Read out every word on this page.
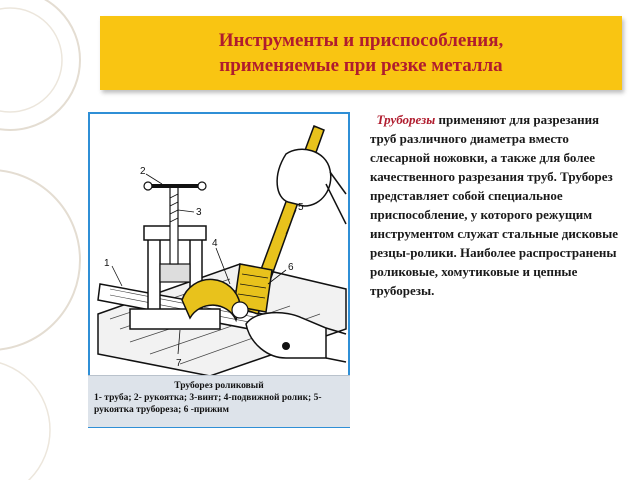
Инструменты и приспособления,
применяемые при резке металла
1
2
3
4
5
6
7
Труборез роликовый
1- труба; 2- рукоятка; 3-винт; 4-подвижной ролик; 5-рукоятка трубореза; 6 -прижим
Труборезы применяют для разрезания труб различного диаметра вместо слесарной ножовки, а также для более качественного разрезания труб. Труборез представляет собой специальное приспособление, у которого режущим инструментом служат стальные дисковые резцы-ролики. Наиболее распространены роликовые, хомутиковые и цепные труборезы.
